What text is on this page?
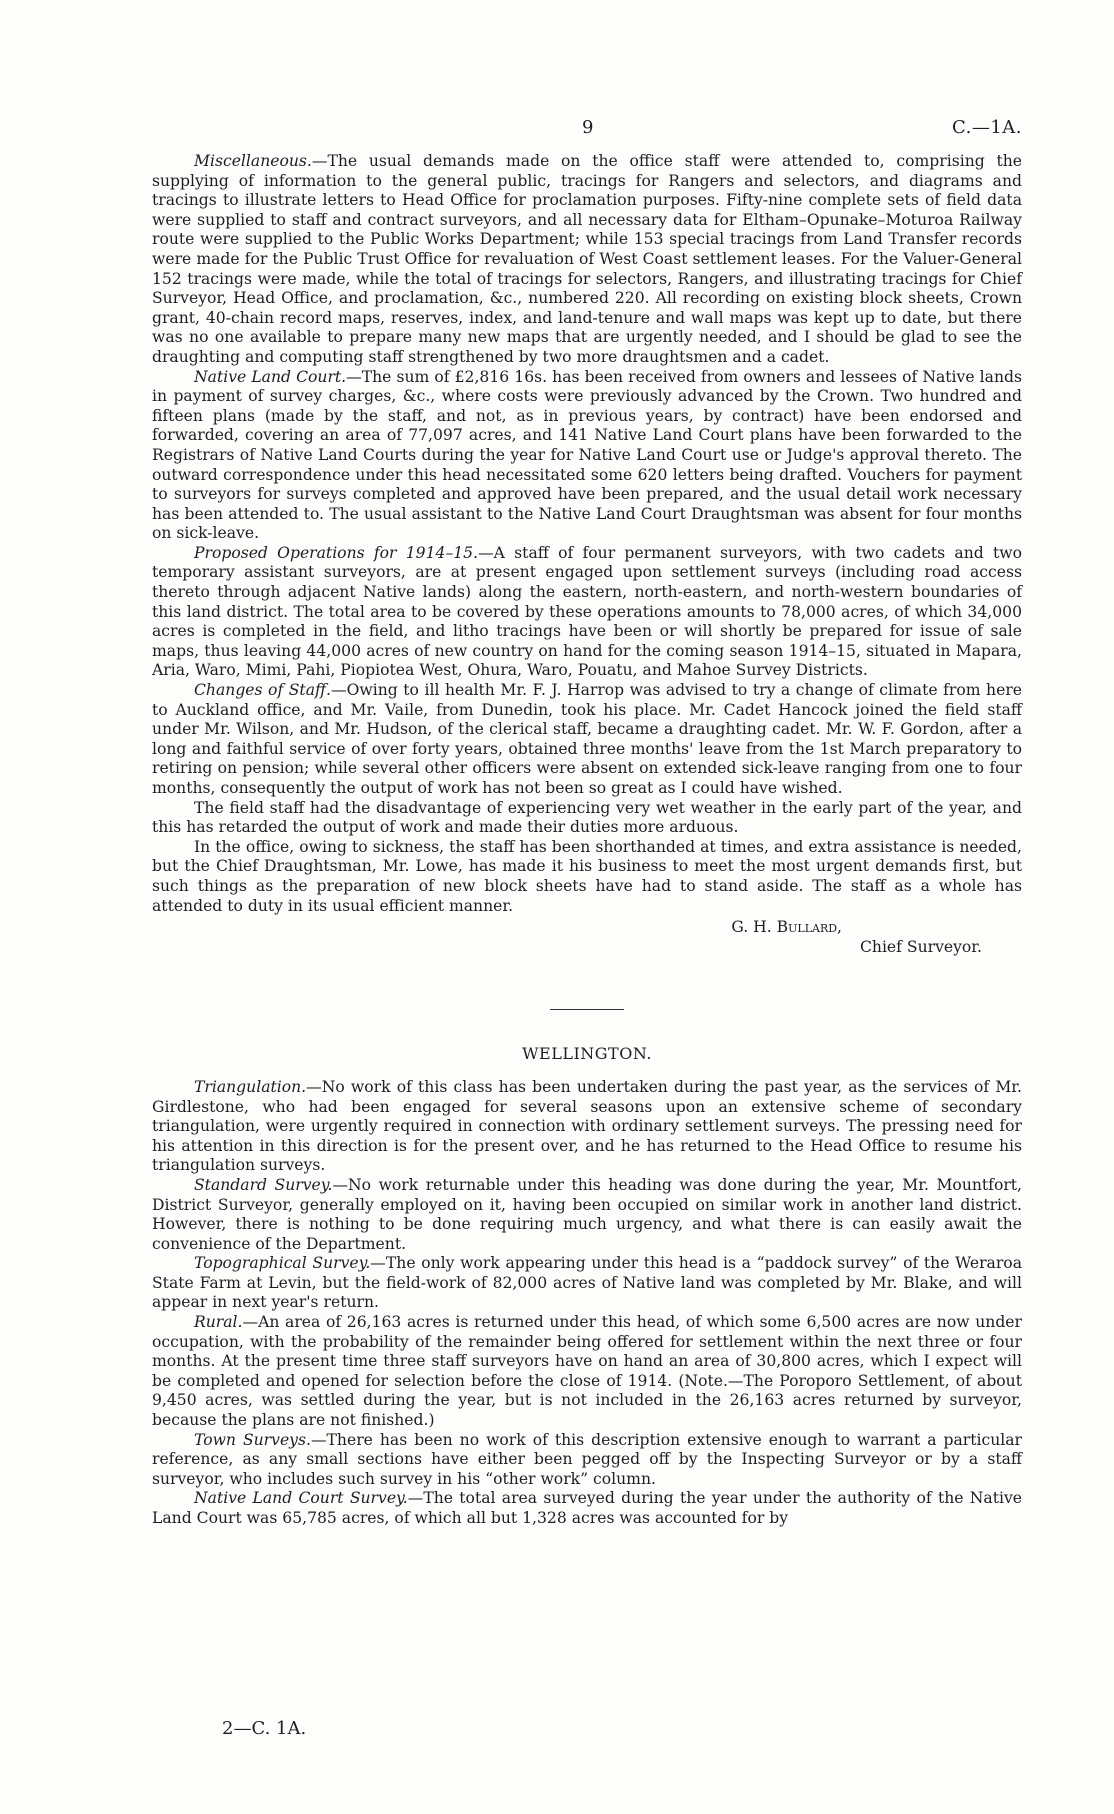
9	C.—1A.

Miscellaneous.—The usual demands made on the office staff were attended to, comprising the supplying of information to the general public, tracings for Rangers and selectors, and diagrams and tracings to illustrate letters to Head Office for proclamation purposes. Fifty-nine complete sets of field data were supplied to staff and contract surveyors, and all necessary data for Eltham–Opunake–Moturoa Railway route were supplied to the Public Works Department; while 153 special tracings from Land Transfer records were made for the Public Trust Office for revaluation of West Coast settlement leases. For the Valuer-General 152 tracings were made, while the total of tracings for selectors, Rangers, and illustrating tracings for Chief Surveyor, Head Office, and proclamation, &c., numbered 220. All recording on existing block sheets, Crown grant, 40-chain record maps, reserves, index, and land-tenure and wall maps was kept up to date, but there was no one available to prepare many new maps that are urgently needed, and I should be glad to see the draughting and computing staff strengthened by two more draughtsmen and a cadet.

Native Land Court.—The sum of £2,816 16s. has been received from owners and lessees of Native lands in payment of survey charges, &c., where costs were previously advanced by the Crown. Two hundred and fifteen plans (made by the staff, and not, as in previous years, by contract) have been endorsed and forwarded, covering an area of 77,097 acres, and 141 Native Land Court plans have been forwarded to the Registrars of Native Land Courts during the year for Native Land Court use or Judge's approval thereto. The outward correspondence under this head necessitated some 620 letters being drafted. Vouchers for payment to surveyors for surveys completed and approved have been prepared, and the usual detail work necessary has been attended to. The usual assistant to the Native Land Court Draughtsman was absent for four months on sick-leave.

Proposed Operations for 1914–15.—A staff of four permanent surveyors, with two cadets and two temporary assistant surveyors, are at present engaged upon settlement surveys (including road access thereto through adjacent Native lands) along the eastern, north-eastern, and north-western boundaries of this land district. The total area to be covered by these operations amounts to 78,000 acres, of which 34,000 acres is completed in the field, and litho tracings have been or will shortly be prepared for issue of sale maps, thus leaving 44,000 acres of new country on hand for the coming season 1914–15, situated in Mapara, Aria, Waro, Mimi, Pahi, Piopiotea West, Ohura, Waro, Pouatu, and Mahoe Survey Districts.

Changes of Staff.—Owing to ill health Mr. F. J. Harrop was advised to try a change of climate from here to Auckland office, and Mr. Vaile, from Dunedin, took his place. Mr. Cadet Hancock joined the field staff under Mr. Wilson, and Mr. Hudson, of the clerical staff, became a draughting cadet. Mr. W. F. Gordon, after a long and faithful service of over forty years, obtained three months' leave from the 1st March preparatory to retiring on pension; while several other officers were absent on extended sick-leave ranging from one to four months, consequently the output of work has not been so great as I could have wished.

The field staff had the disadvantage of experiencing very wet weather in the early part of the year, and this has retarded the output of work and made their duties more arduous.

In the office, owing to sickness, the staff has been shorthanded at times, and extra assistance is needed, but the Chief Draughtsman, Mr. Lowe, has made it his business to meet the most urgent demands first, but such things as the preparation of new block sheets have had to stand aside. The staff as a whole has attended to duty in its usual efficient manner.

G. H. Bullard,
Chief Surveyor.
WELLINGTON.

Triangulation.—No work of this class has been undertaken during the past year, as the services of Mr. Girdlestone, who had been engaged for several seasons upon an extensive scheme of secondary triangulation, were urgently required in connection with ordinary settlement surveys. The pressing need for his attention in this direction is for the present over, and he has returned to the Head Office to resume his triangulation surveys.

Standard Survey.—No work returnable under this heading was done during the year, Mr. Mountfort, District Surveyor, generally employed on it, having been occupied on similar work in another land district. However, there is nothing to be done requiring much urgency, and what there is can easily await the convenience of the Department.

Topographical Survey.—The only work appearing under this head is a “paddock survey” of the Weraroa State Farm at Levin, but the field-work of 82,000 acres of Native land was completed by Mr. Blake, and will appear in next year's return.

Rural.—An area of 26,163 acres is returned under this head, of which some 6,500 acres are now under occupation, with the probability of the remainder being offered for settlement within the next three or four months. At the present time three staff surveyors have on hand an area of 30,800 acres, which I expect will be completed and opened for selection before the close of 1914. (Note.—The Poroporo Settlement, of about 9,450 acres, was settled during the year, but is not included in the 26,163 acres returned by surveyor, because the plans are not finished.)

Town Surveys.—There has been no work of this description extensive enough to warrant a particular reference, as any small sections have either been pegged off by the Inspecting Surveyor or by a staff surveyor, who includes such survey in his “other work” column.

Native Land Court Survey.—The total area surveyed during the year under the authority of the Native Land Court was 65,785 acres, of which all but 1,328 acres was accounted for by

2—C. 1A.
